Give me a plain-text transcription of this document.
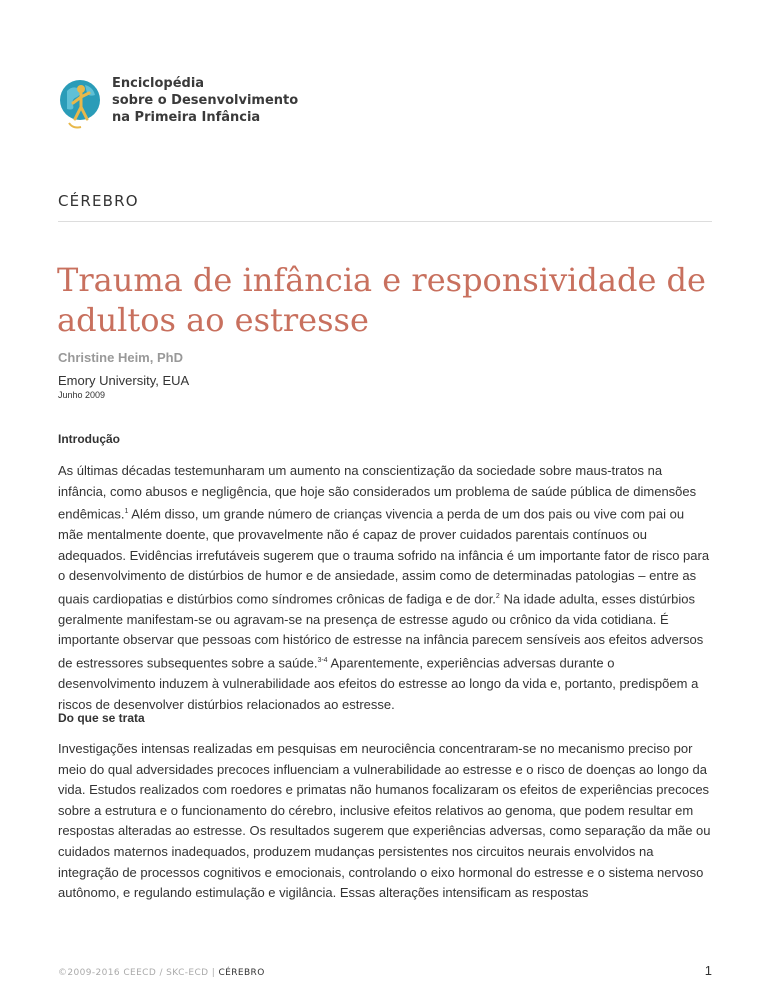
Enciclopédia
sobre o Desenvolvimento
na Primeira Infância
CÉREBRO
Trauma de infância e responsividade de adultos ao estresse
Christine Heim, PhD
Emory University, EUA
Junho 2009
Introdução
As últimas décadas testemunharam um aumento na conscientização da sociedade sobre maus-tratos na infância, como abusos e negligência, que hoje são considerados um problema de saúde pública de dimensões endêmicas.$^1$ Além disso, um grande número de crianças vivencia a perda de um dos pais ou vive com pai ou mãe mentalmente doente, que provavelmente não é capaz de prover cuidados parentais contínuos ou adequados. Evidências irrefutáveis sugerem que o trauma sofrido na infância é um importante fator de risco para o desenvolvimento de distúrbios de humor e de ansiedade, assim como de determinadas patologias – entre as quais cardiopatias e distúrbios como síndromes crônicas de fadiga e de dor.$^2$ Na idade adulta, esses distúrbios geralmente manifestam-se ou agravam-se na presença de estresse agudo ou crônico da vida cotidiana. É importante observar que pessoas com histórico de estresse na infância parecem sensíveis aos efeitos adversos de estressores subsequentes sobre a saúde.$^{3-4}$ Aparentemente, experiências adversas durante o desenvolvimento induzem à vulnerabilidade aos efeitos do estresse ao longo da vida e, portanto, predispõem a riscos de desenvolver distúrbios relacionados ao estresse.
Do que se trata
Investigações intensas realizadas em pesquisas em neurociência concentraram-se no mecanismo preciso por meio do qual adversidades precoces influenciam a vulnerabilidade ao estresse e o risco de doenças ao longo da vida. Estudos realizados com roedores e primatas não humanos focalizaram os efeitos de experiências precoces sobre a estrutura e o funcionamento do cérebro, inclusive efeitos relativos ao genoma, que podem resultar em respostas alteradas ao estresse. Os resultados sugerem que experiências adversas, como separação da mãe ou cuidados maternos inadequados, produzem mudanças persistentes nos circuitos neurais envolvidos na integração de processos cognitivos e emocionais, controlando o eixo hormonal do estresse e o sistema nervoso autônomo, e regulando estimulação e vigilância. Essas alterações intensificam as respostas
©2009-2016 CEECD / SKC-ECD | CÉREBRO	1
